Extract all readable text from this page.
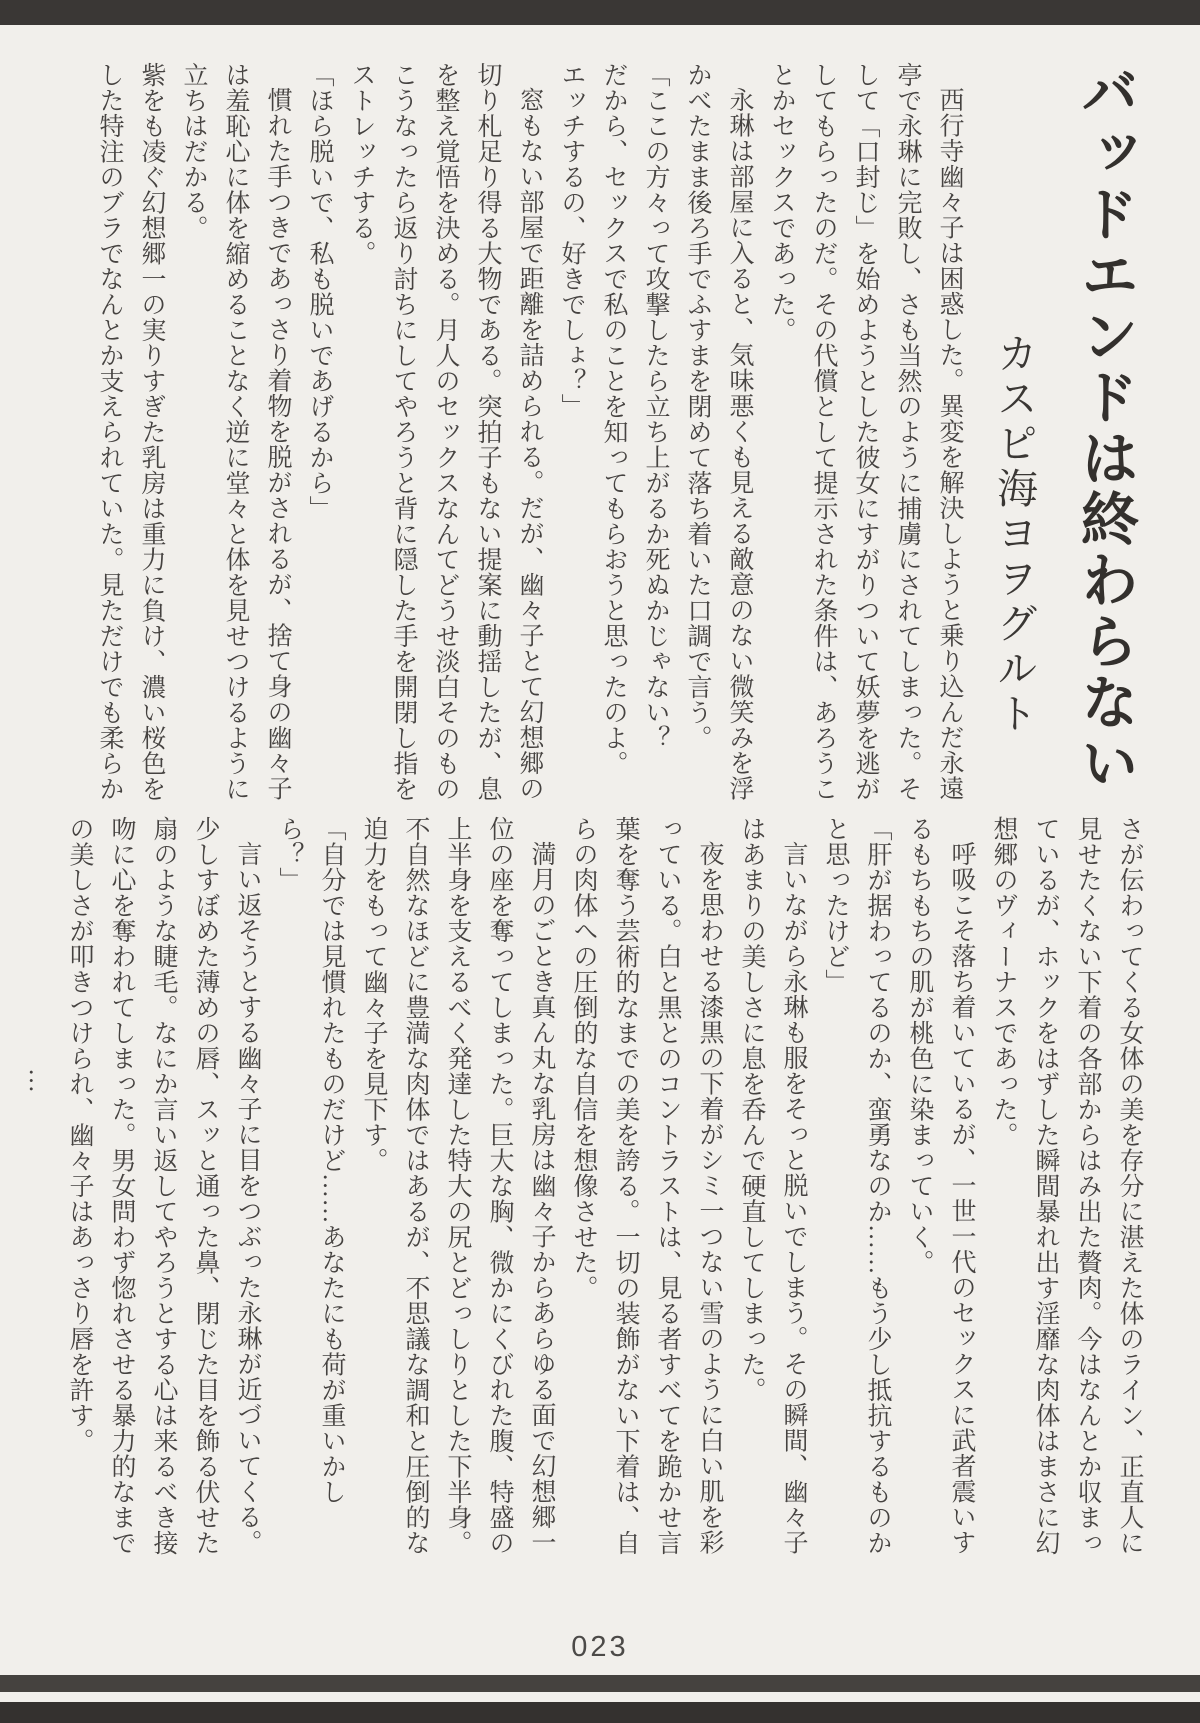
バッドエンドは終わらない
カスピ海ヨヲグルト
西行寺幽々子は困惑した。異変を解決しようと乗り込んだ永遠
亭で永琳に完敗し、さも当然のように捕虜にされてしまった。そ
して「口封じ」を始めようとした彼女にすがりついて妖夢を逃が
してもらったのだ。その代償として提示された条件は、あろうこ
とかセックスであった。
永琳は部屋に入ると、気味悪くも見える敵意のない微笑みを浮
かべたまま後ろ手でふすまを閉めて落ち着いた口調で言う。
「ここの方々って攻撃したら立ち上がるか死ぬかじゃない？
だから、セックスで私のことを知ってもらおうと思ったのよ。
エッチするの、好きでしょ？」
窓もない部屋で距離を詰められる。だが、幽々子とて幻想郷の
切り札足り得る大物である。突拍子もない提案に動揺したが、息
を整え覚悟を決める。月人のセックスなんてどうせ淡白そのもの
こうなったら返り討ちにしてやろうと背に隠した手を開閉し指を
ストレッチする。
「ほら脱いで、私も脱いであげるから」
慣れた手つきであっさり着物を脱がされるが、捨て身の幽々子
は羞恥心に体を縮めることなく逆に堂々と体を見せつけるように
立ちはだかる。
紫をも凌ぐ幻想郷一の実りすぎた乳房は重力に負け、濃い桜色を
した特注のブラでなんとか支えられていた。見ただけでも柔らか
さが伝わってくる女体の美を存分に湛えた体のライン、正直人に
見せたくない下着の各部からはみ出た贅肉。今はなんとか収まっ
ているが、ホックをはずした瞬間暴れ出す淫靡な肉体はまさに幻
想郷のヴィーナスであった。
呼吸こそ落ち着いているが、一世一代のセックスに武者震いす
るもちもちの肌が桃色に染まっていく。
「肝が据わってるのか、蛮勇なのか……もう少し抵抗するものか
と思ったけど」
言いながら永琳も服をそっと脱いでしまう。その瞬間、幽々子
はあまりの美しさに息を呑んで硬直してしまった。
夜を思わせる漆黒の下着がシミ一つない雪のように白い肌を彩
っている。白と黒とのコントラストは、見る者すべてを跪かせ言
葉を奪う芸術的なまでの美を誇る。一切の装飾がない下着は、自
らの肉体への圧倒的な自信を想像させた。
満月のごとき真ん丸な乳房は幽々子からあらゆる面で幻想郷一
位の座を奪ってしまった。巨大な胸、微かにくびれた腹、特盛の
上半身を支えるべく発達した特大の尻とどっしりとした下半身。
不自然なほどに豊満な肉体ではあるが、不思議な調和と圧倒的な
迫力をもって幽々子を見下す。
「自分では見慣れたものだけど……あなたにも荷が重いかしら？」
言い返そうとする幽々子に目をつぶった永琳が近づいてくる。
少しすぼめた薄めの唇、スッと通った鼻、閉じた目を飾る伏せた
扇のような睫毛。なにか言い返してやろうとする心は来るべき接
吻に心を奪われてしまった。男女問わず惚れさせる暴力的なまで
の美しさが叩きつけられ、幽々子はあっさり唇を許す。
…
023
